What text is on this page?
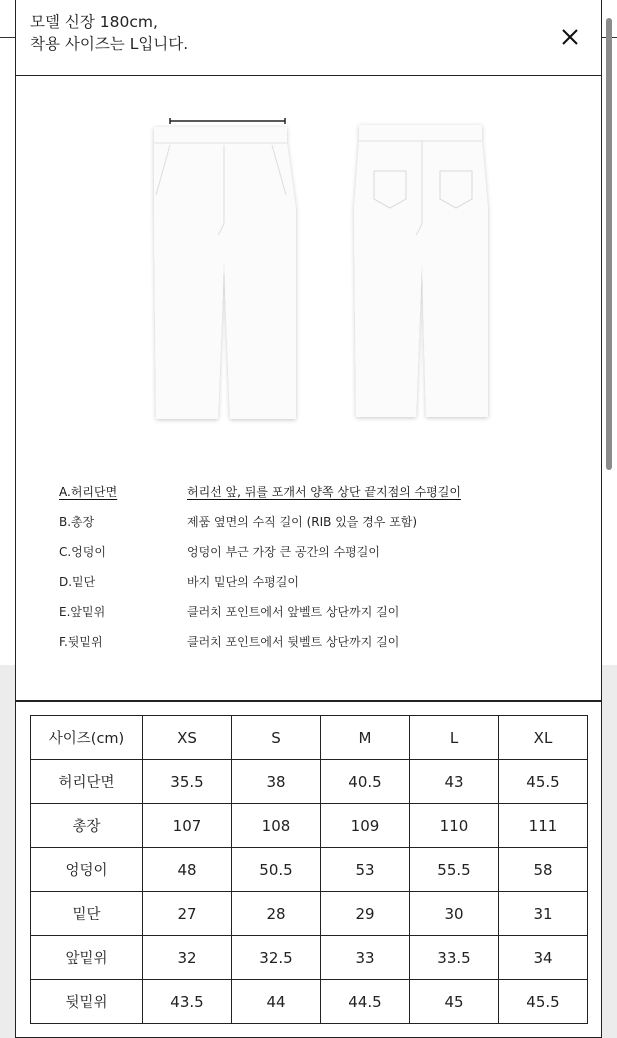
모델 신장 180cm,
착용 사이즈는 L입니다.
A.허리단면	허리선 앞, 뒤를 포개서 양쪽 상단 끝지점의 수평길이
B.총장	제품 옆면의 수직 길이 (RIB 있을 경우 포함)
C.엉덩이	엉덩이 부근 가장 큰 공간의 수평길이
D.밑단	바지 밑단의 수평길이
E.앞밑위	클러치 포인트에서 앞벨트 상단까지 길이
F.뒷밑위	클러치 포인트에서 뒷벨트 상단까지 길이
사이즈(cm)	XS	S	M	L	XL
허리단면	35.5	38	40.5	43	45.5
총장	107	108	109	110	111
엉덩이	48	50.5	53	55.5	58
밑단	27	28	29	30	31
앞밑위	32	32.5	33	33.5	34
뒷밑위	43.5	44	44.5	45	45.5
